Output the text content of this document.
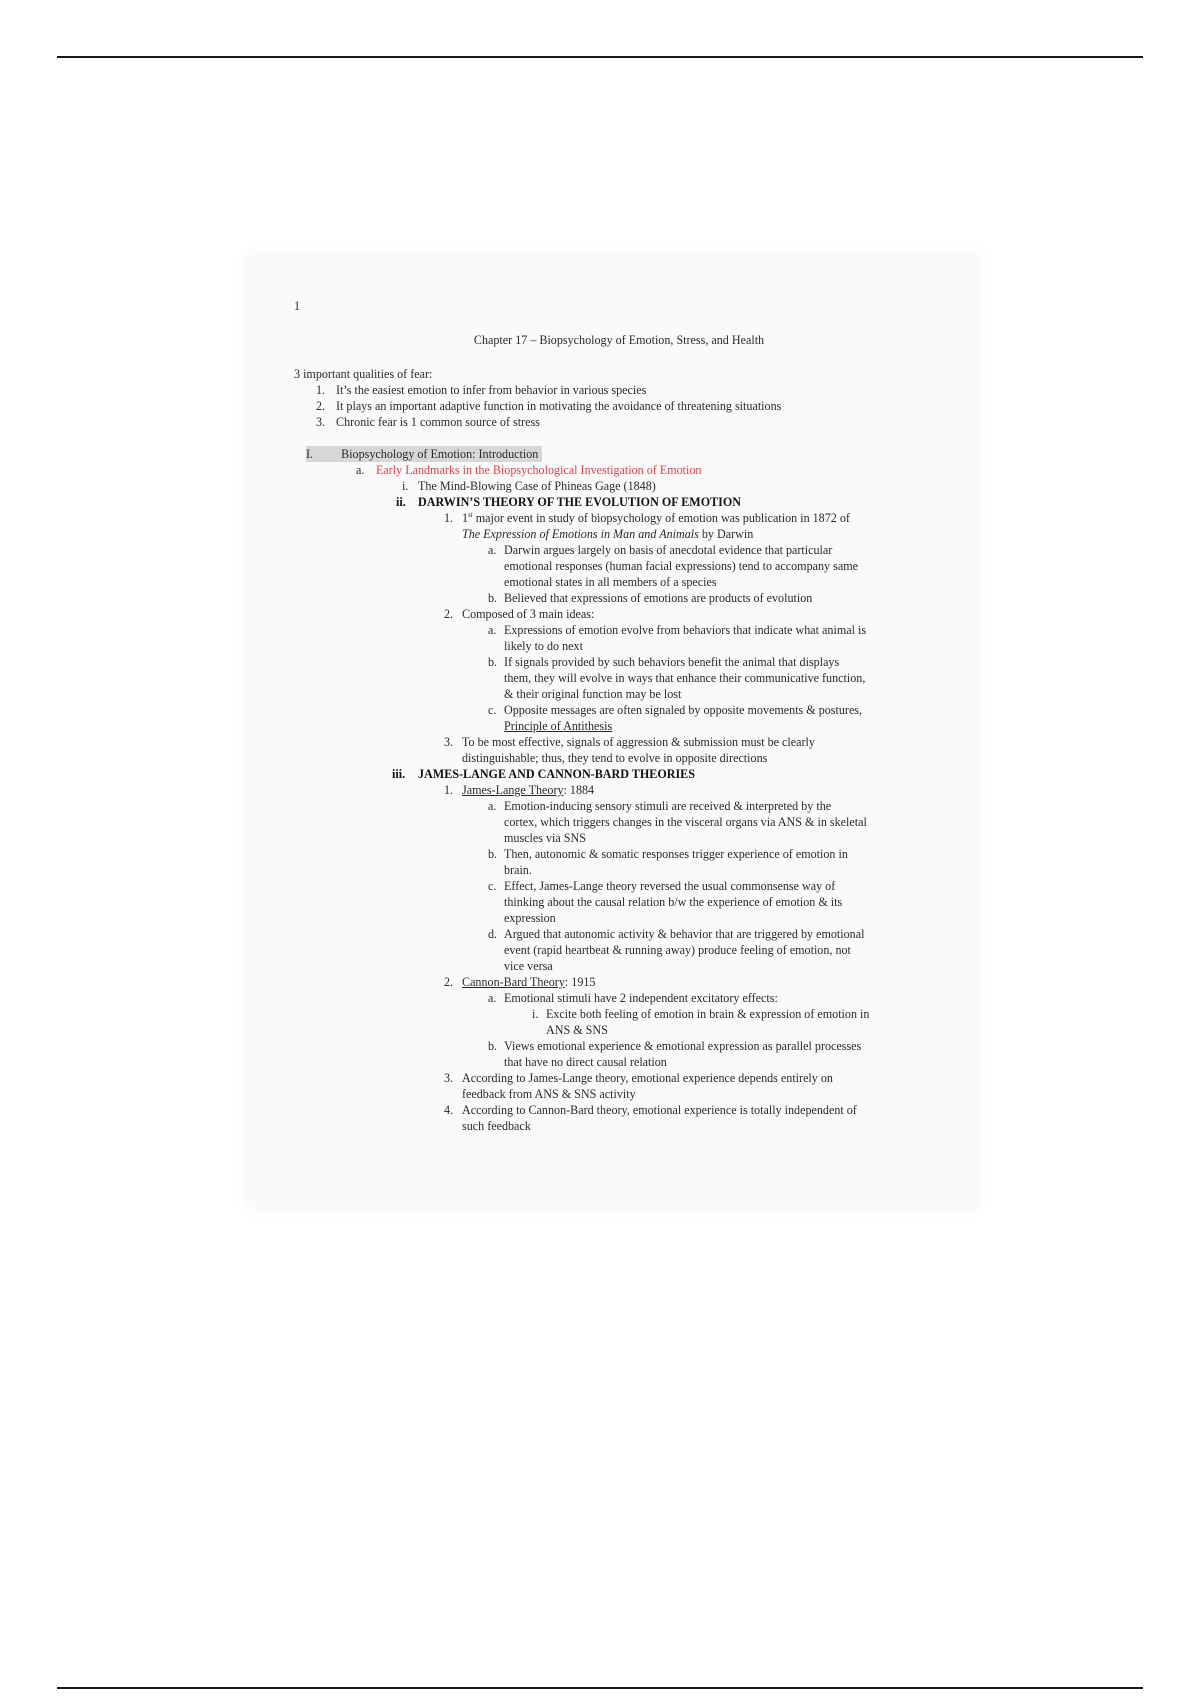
1
Chapter 17 – Biopsychology of Emotion, Stress, and Health
3 important qualities of fear:
1. It’s the easiest emotion to infer from behavior in various species
2. It plays an important adaptive function in motivating the avoidance of threatening situations
3. Chronic fear is 1 common source of stress
I. Biopsychology of Emotion: Introduction
a. Early Landmarks in the Biopsychological Investigation of Emotion
i. The Mind-Blowing Case of Phineas Gage (1848)
ii. DARWIN’S THEORY OF THE EVOLUTION OF EMOTION
1. 1st major event in study of biopsychology of emotion was publication in 1872 of
The Expression of Emotions in Man and Animals by Darwin
a. Darwin argues largely on basis of anecdotal evidence that particular
emotional responses (human facial expressions) tend to accompany same
emotional states in all members of a species
b. Believed that expressions of emotions are products of evolution
2. Composed of 3 main ideas:
a. Expressions of emotion evolve from behaviors that indicate what animal is
likely to do next
b. If signals provided by such behaviors benefit the animal that displays
them, they will evolve in ways that enhance their communicative function,
& their original function may be lost
c. Opposite messages are often signaled by opposite movements & postures,
Principle of Antithesis
3. To be most effective, signals of aggression & submission must be clearly
distinguishable; thus, they tend to evolve in opposite directions
iii. JAMES-LANGE AND CANNON-BARD THEORIES
1. James-Lange Theory: 1884
a. Emotion-inducing sensory stimuli are received & interpreted by the
cortex, which triggers changes in the visceral organs via ANS & in skeletal
muscles via SNS
b. Then, autonomic & somatic responses trigger experience of emotion in
brain.
c. Effect, James-Lange theory reversed the usual commonsense way of
thinking about the causal relation b/w the experience of emotion & its
expression
d. Argued that autonomic activity & behavior that are triggered by emotional
event (rapid heartbeat & running away) produce feeling of emotion, not
vice versa
2. Cannon-Bard Theory: 1915
a. Emotional stimuli have 2 independent excitatory effects:
i. Excite both feeling of emotion in brain & expression of emotion in
ANS & SNS
b. Views emotional experience & emotional expression as parallel processes
that have no direct causal relation
3. According to James-Lange theory, emotional experience depends entirely on
feedback from ANS & SNS activity
4. According to Cannon-Bard theory, emotional experience is totally independent of
such feedback
